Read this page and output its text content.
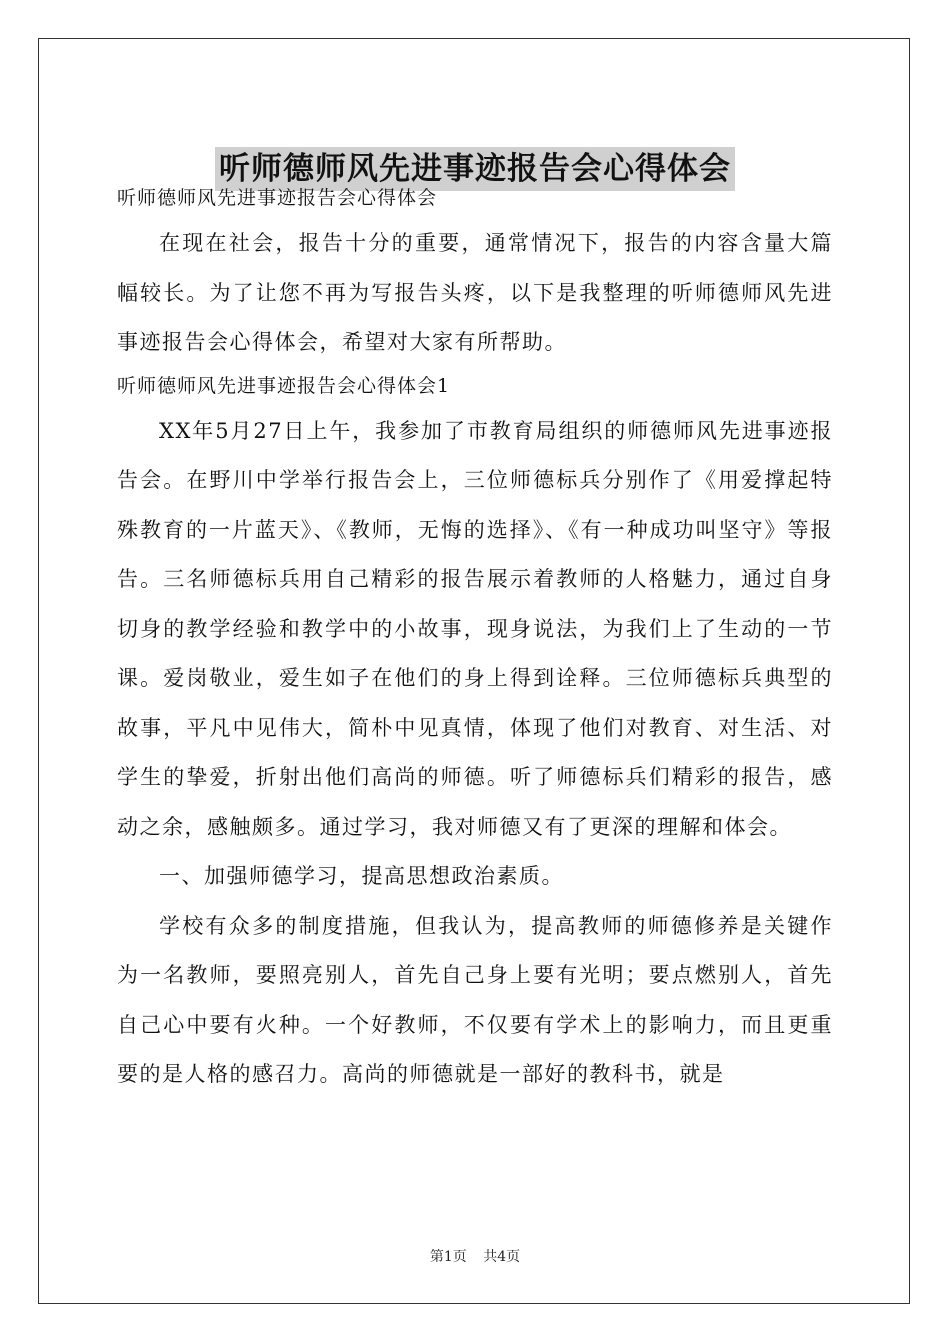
听师德师风先进事迹报告会心得体会

听师德师风先进事迹报告会心得体会

在现在社会，报告十分的重要，通常情况下，报告的内容含量大篇幅较长。为了让您不再为写报告头疼，以下是我整理的听师德师风先进事迹报告会心得体会，希望对大家有所帮助。

听师德师风先进事迹报告会心得体会1

XX年5月27日上午，我参加了市教育局组织的师德师风先进事迹报告会。在野川中学举行报告会上，三位师德标兵分别作了《用爱撑起特殊教育的一片蓝天》、《教师，无悔的选择》、《有一种成功叫坚守》等报告。三名师德标兵用自己精彩的报告展示着教师的人格魅力，通过自身切身的教学经验和教学中的小故事，现身说法，为我们上了生动的一节课。爱岗敬业，爱生如子在他们的身上得到诠释。三位师德标兵典型的故事，平凡中见伟大，简朴中见真情，体现了他们对教育、对生活、对学生的挚爱，折射出他们高尚的师德。听了师德标兵们精彩的报告，感动之余，感触颇多。通过学习，我对师德又有了更深的理解和体会。

一、加强师德学习，提高思想政治素质。

学校有众多的制度措施，但我认为，提高教师的师德修养是关键作为一名教师，要照亮别人，首先自己身上要有光明；要点燃别人，首先自己心中要有火种。一个好教师，不仅要有学术上的影响力，而且更重要的是人格的感召力。高尚的师德就是一部好的教科书，就是

第1页 共4页
